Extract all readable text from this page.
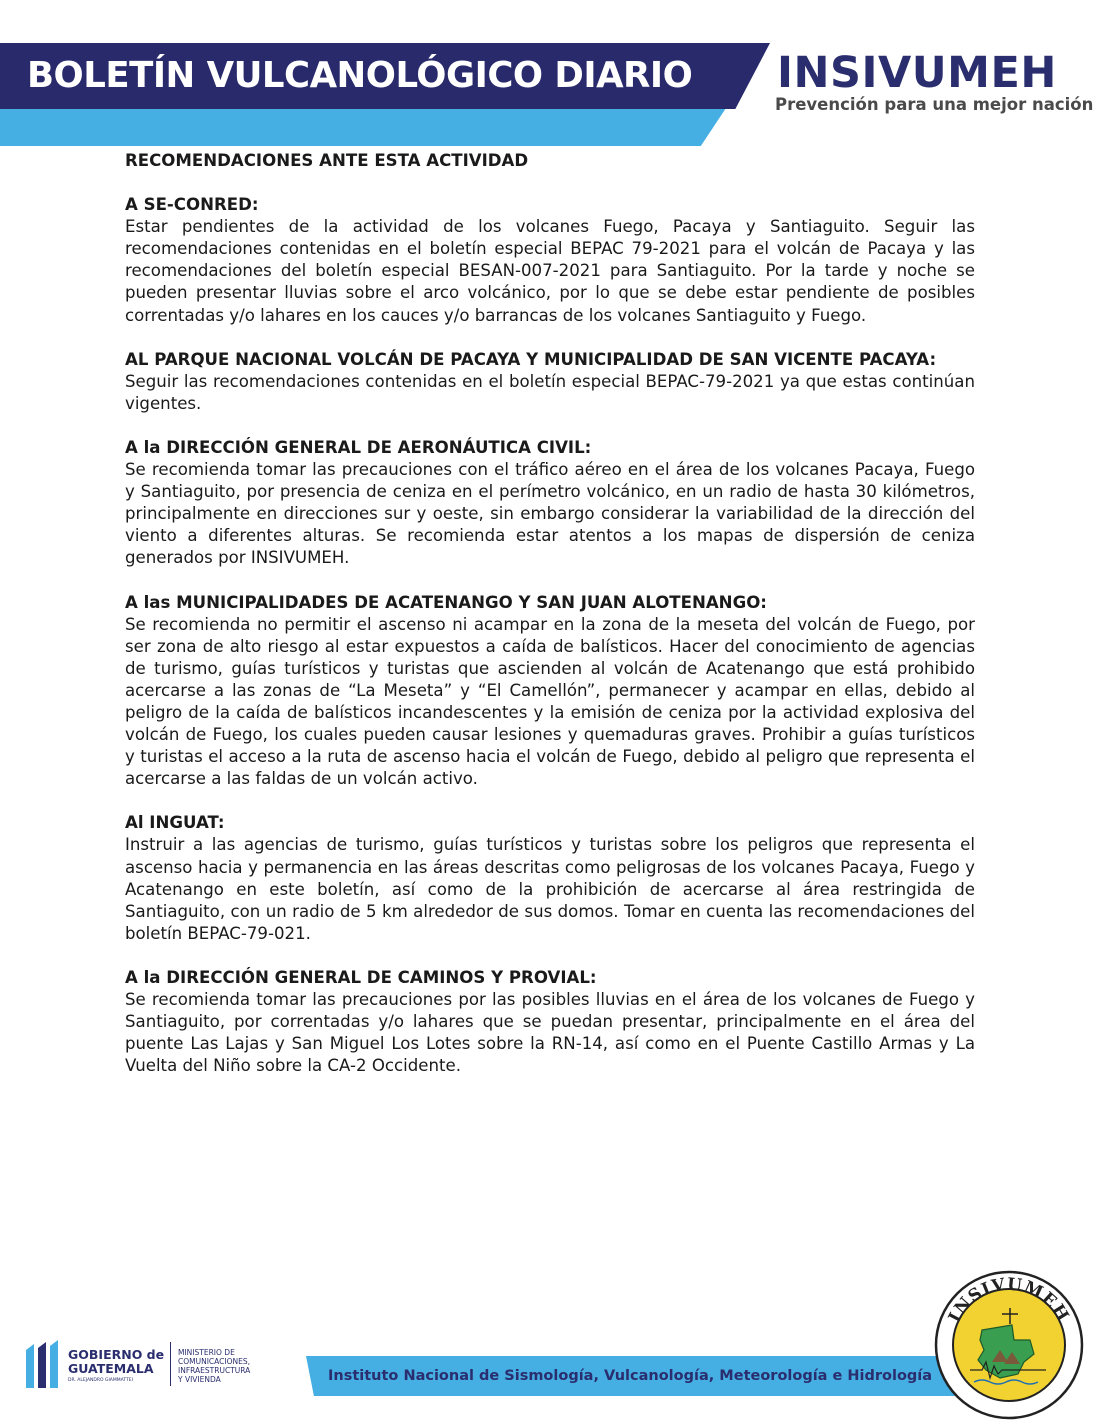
BOLETÍN VULCANOLÓGICO DIARIO INSIVUMEH
Prevención para una mejor nación

RECOMENDACIONES ANTE ESTA ACTIVIDAD

A SE-CONRED:

Estar pendientes de la actividad de los volcanes Fuego, Pacaya y Santiaguito. Seguir las recomendaciones contenidas en el boletín especial BEPAC 79-2021 para el volcán de Pacaya y las recomendaciones del boletín especial BESAN-007-2021 para Santiaguito. Por la tarde y noche se pueden presentar lluvias sobre el arco volcánico, por lo que se debe estar pendiente de posibles correntadas y/o lahares en los cauces y/o barrancas de los volcanes Santiaguito y Fuego.

AL PARQUE NACIONAL VOLCÁN DE PACAYA Y MUNICIPALIDAD DE SAN VICENTE PACAYA:

Seguir las recomendaciones contenidas en el boletín especial BEPAC-79-2021 ya que estas continúan vigentes.

A la DIRECCIÓN GENERAL DE AERONÁUTICA CIVIL:

Se recomienda tomar las precauciones con el tráfico aéreo en el área de los volcanes Pacaya, Fuego y Santiaguito, por presencia de ceniza en el perímetro volcánico, en un radio de hasta 30 kilómetros, principalmente en direcciones sur y oeste, sin embargo considerar la variabilidad de la dirección del viento a diferentes alturas. Se recomienda estar atentos a los mapas de dispersión de ceniza generados por INSIVUMEH.

A las MUNICIPALIDADES DE ACATENANGO Y SAN JUAN ALOTENANGO:

Se recomienda no permitir el ascenso ni acampar en la zona de la meseta del volcán de Fuego, por ser zona de alto riesgo al estar expuestos a caída de balísticos. Hacer del conocimiento de agencias de turismo, guías turísticos y turistas que ascienden al volcán de Acatenango que está prohibido acercarse a las zonas de “La Meseta” y “El Camellón”, permanecer y acampar en ellas, debido al peligro de la caída de balísticos incandescentes y la emisión de ceniza por la actividad explosiva del volcán de Fuego, los cuales pueden causar lesiones y quemaduras graves. Prohibir a guías turísticos y turistas el acceso a la ruta de ascenso hacia el volcán de Fuego, debido al peligro que representa el acercarse a las faldas de un volcán activo.

Al INGUAT:

Instruir a las agencias de turismo, guías turísticos y turistas sobre los peligros que representa el ascenso hacia y permanencia en las áreas descritas como peligrosas de los volcanes Pacaya, Fuego y Acatenango en este boletín, así como de la prohibición de acercarse al área restringida de Santiaguito, con un radio de 5 km alrededor de sus domos. Tomar en cuenta las recomendaciones del boletín BEPAC-79-021.

A la DIRECCIÓN GENERAL DE CAMINOS Y PROVIAL:

Se recomienda tomar las precauciones por las posibles lluvias en el área de los volcanes de Fuego y Santiaguito, por correntadas y/o lahares que se puedan presentar, principalmente en el área del puente Las Lajas y San Miguel Los Lotes sobre la RN-14, así como en el Puente Castillo Armas y La Vuelta del Niño sobre la CA-2 Occidente.

GOBIERNO de
GUATEMALA
DR. ALEJANDRO GIAMMATTEI
MINISTERIO DE
COMUNICACIONES,
INFRAESTRUCTURA
Y VIVIENDA	Instituto Nacional de Sismología, Vulcanología, Meteorología e Hidrología
INSIVUMEH
